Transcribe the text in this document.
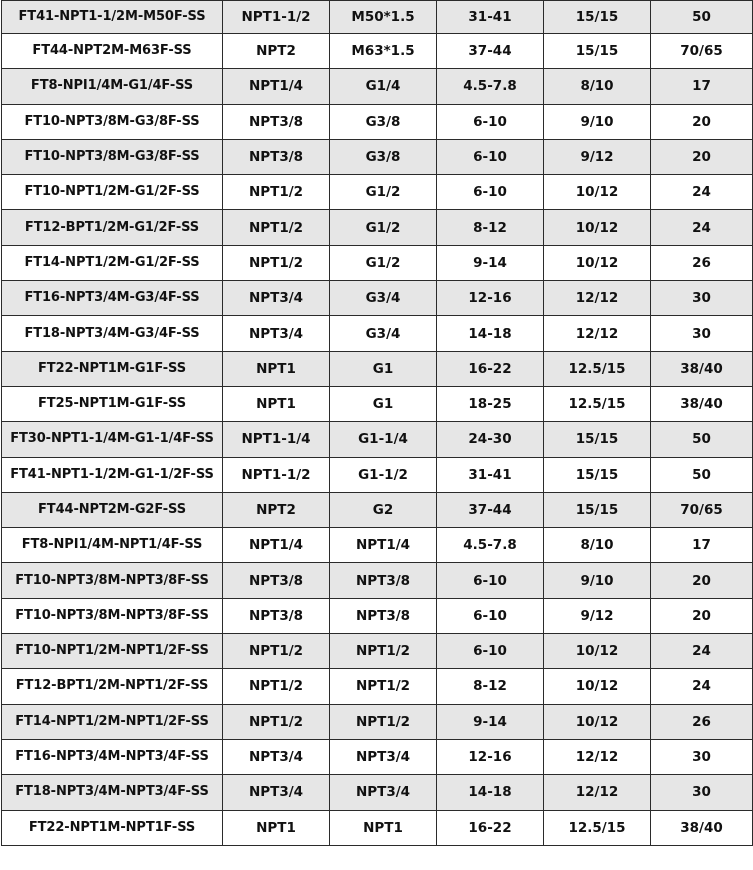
FT41-NPT1-1/2M-M50F-SS	NPT1-1/2	M50*1.5	31-41	15/15	50
FT44-NPT2M-M63F-SS	NPT2	M63*1.5	37-44	15/15	70/65
FT8-NPI1/4M-G1/4F-SS	NPT1/4	G1/4	4.5-7.8	8/10	17
FT10-NPT3/8M-G3/8F-SS	NPT3/8	G3/8	6-10	9/10	20
FT10-NPT3/8M-G3/8F-SS	NPT3/8	G3/8	6-10	9/12	20
FT10-NPT1/2M-G1/2F-SS	NPT1/2	G1/2	6-10	10/12	24
FT12-BPT1/2M-G1/2F-SS	NPT1/2	G1/2	8-12	10/12	24
FT14-NPT1/2M-G1/2F-SS	NPT1/2	G1/2	9-14	10/12	26
FT16-NPT3/4M-G3/4F-SS	NPT3/4	G3/4	12-16	12/12	30
FT18-NPT3/4M-G3/4F-SS	NPT3/4	G3/4	14-18	12/12	30
FT22-NPT1M-G1F-SS	NPT1	G1	16-22	12.5/15	38/40
FT25-NPT1M-G1F-SS	NPT1	G1	18-25	12.5/15	38/40
FT30-NPT1-1/4M-G1-1/4F-SS	NPT1-1/4	G1-1/4	24-30	15/15	50
FT41-NPT1-1/2M-G1-1/2F-SS	NPT1-1/2	G1-1/2	31-41	15/15	50
FT44-NPT2M-G2F-SS	NPT2	G2	37-44	15/15	70/65
FT8-NPI1/4M-NPT1/4F-SS	NPT1/4	NPT1/4	4.5-7.8	8/10	17
FT10-NPT3/8M-NPT3/8F-SS	NPT3/8	NPT3/8	6-10	9/10	20
FT10-NPT3/8M-NPT3/8F-SS	NPT3/8	NPT3/8	6-10	9/12	20
FT10-NPT1/2M-NPT1/2F-SS	NPT1/2	NPT1/2	6-10	10/12	24
FT12-BPT1/2M-NPT1/2F-SS	NPT1/2	NPT1/2	8-12	10/12	24
FT14-NPT1/2M-NPT1/2F-SS	NPT1/2	NPT1/2	9-14	10/12	26
FT16-NPT3/4M-NPT3/4F-SS	NPT3/4	NPT3/4	12-16	12/12	30
FT18-NPT3/4M-NPT3/4F-SS	NPT3/4	NPT3/4	14-18	12/12	30
FT22-NPT1M-NPT1F-SS	NPT1	NPT1	16-22	12.5/15	38/40
